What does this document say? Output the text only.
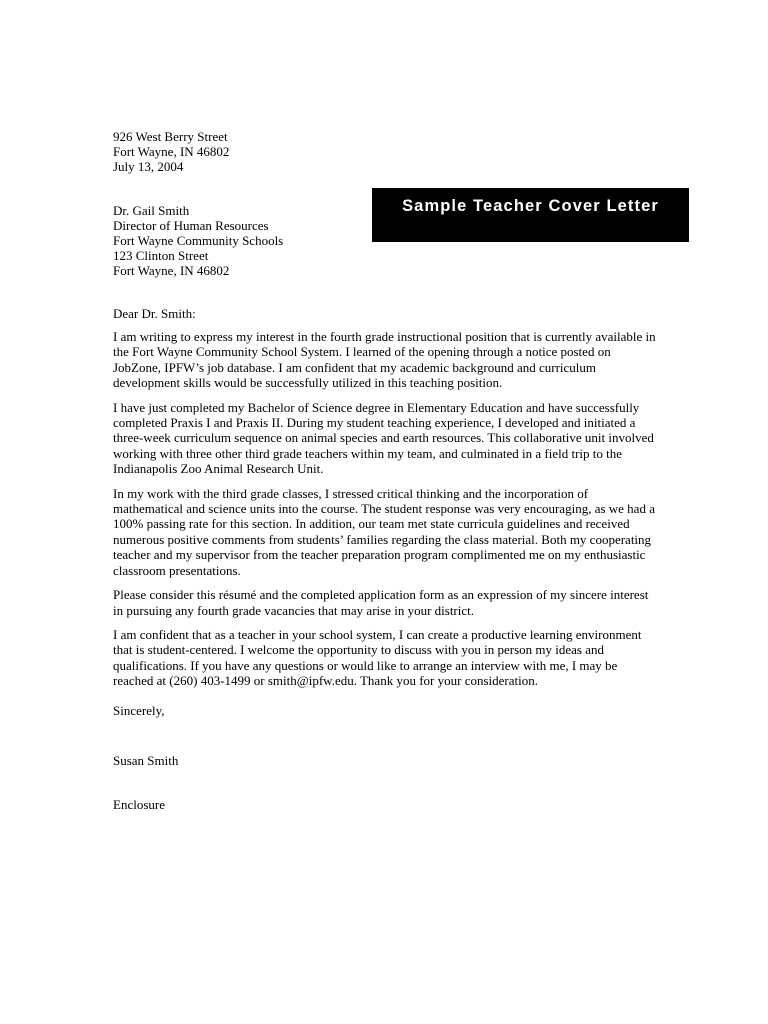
926 West Berry Street
Fort Wayne, IN 46802
July 13, 2004
Sample Teacher Cover Letter
Dr. Gail Smith
Director of Human Resources
Fort Wayne Community Schools
123 Clinton Street
Fort Wayne, IN 46802
Dear Dr. Smith:

I am writing to express my interest in the fourth grade instructional position that is currently available in the Fort Wayne Community School System. I learned of the opening through a notice posted on JobZone, IPFW’s job database. I am confident that my academic background and curriculum development skills would be successfully utilized in this teaching position.

I have just completed my Bachelor of Science degree in Elementary Education and have successfully completed Praxis I and Praxis II. During my student teaching experience, I developed and initiated a three-week curriculum sequence on animal species and earth resources. This collaborative unit involved working with three other third grade teachers within my team, and culminated in a field trip to the Indianapolis Zoo Animal Research Unit.

In my work with the third grade classes, I stressed critical thinking and the incorporation of mathematical and science units into the course. The student response was very encouraging, as we had a 100% passing rate for this section. In addition, our team met state curricula guidelines and received numerous positive comments from students’ families regarding the class material. Both my cooperating teacher and my supervisor from the teacher preparation program complimented me on my enthusiastic classroom presentations.

Please consider this résumé and the completed application form as an expression of my sincere interest in pursuing any fourth grade vacancies that may arise in your district.

I am confident that as a teacher in your school system, I can create a productive learning environment that is student-centered. I welcome the opportunity to discuss with you in person my ideas and qualifications. If you have any questions or would like to arrange an interview with me, I may be reached at (260) 403-1499 or smith@ipfw.edu. Thank you for your consideration.

Sincerely,
Susan Smith
Enclosure
